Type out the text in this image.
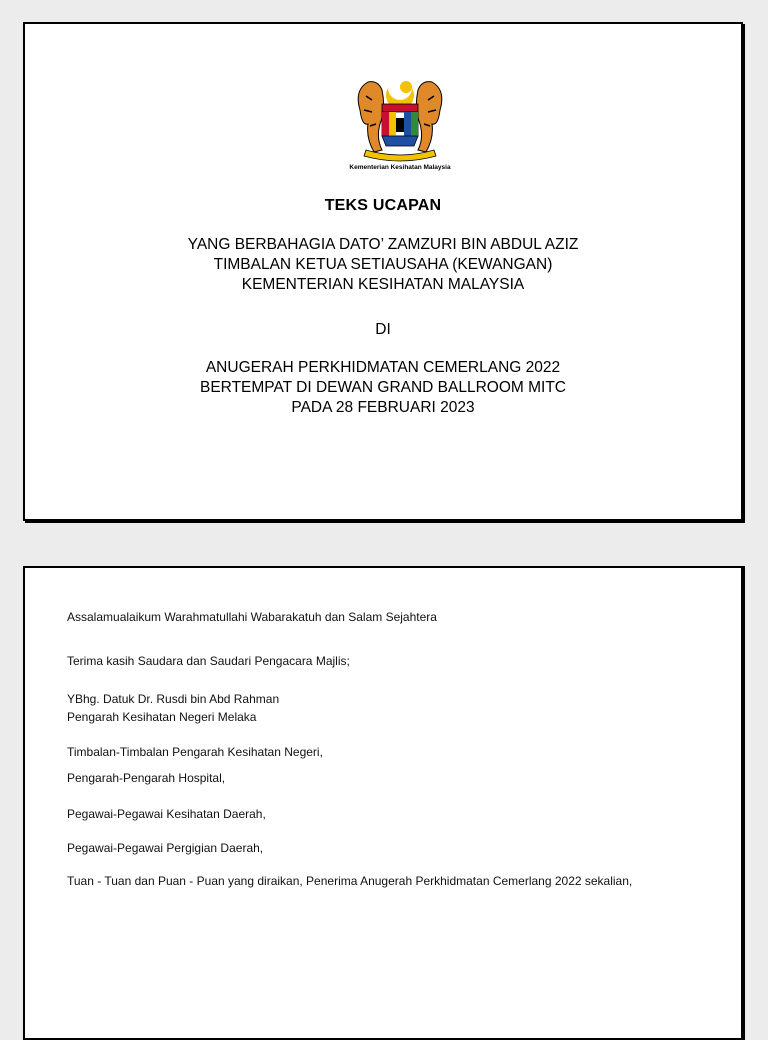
Kementerian Kesihatan Malaysia
TEKS UCAPAN
YANG BERBAHAGIA DATO’ ZAMZURI BIN ABDUL AZIZ
TIMBALAN KETUA SETIAUSAHA (KEWANGAN)
KEMENTERIAN KESIHATAN MALAYSIA
DI
ANUGERAH PERKHIDMATAN CEMERLANG 2022
BERTEMPAT DI DEWAN GRAND BALLROOM MITC
PADA 28 FEBRUARI 2023
Assalamualaikum Warahmatullahi Wabarakatuh dan Salam Sejahtera
Terima kasih Saudara dan Saudari Pengacara Majlis;
YBhg. Datuk Dr. Rusdi bin Abd Rahman
Pengarah Kesihatan Negeri Melaka
Timbalan-Timbalan Pengarah Kesihatan Negeri,
Pengarah-Pengarah Hospital,
Pegawai-Pegawai Kesihatan Daerah,
Pegawai-Pegawai Pergigian Daerah,
Tuan - Tuan dan Puan - Puan yang diraikan, Penerima Anugerah Perkhidmatan Cemerlang 2022 sekalian,
